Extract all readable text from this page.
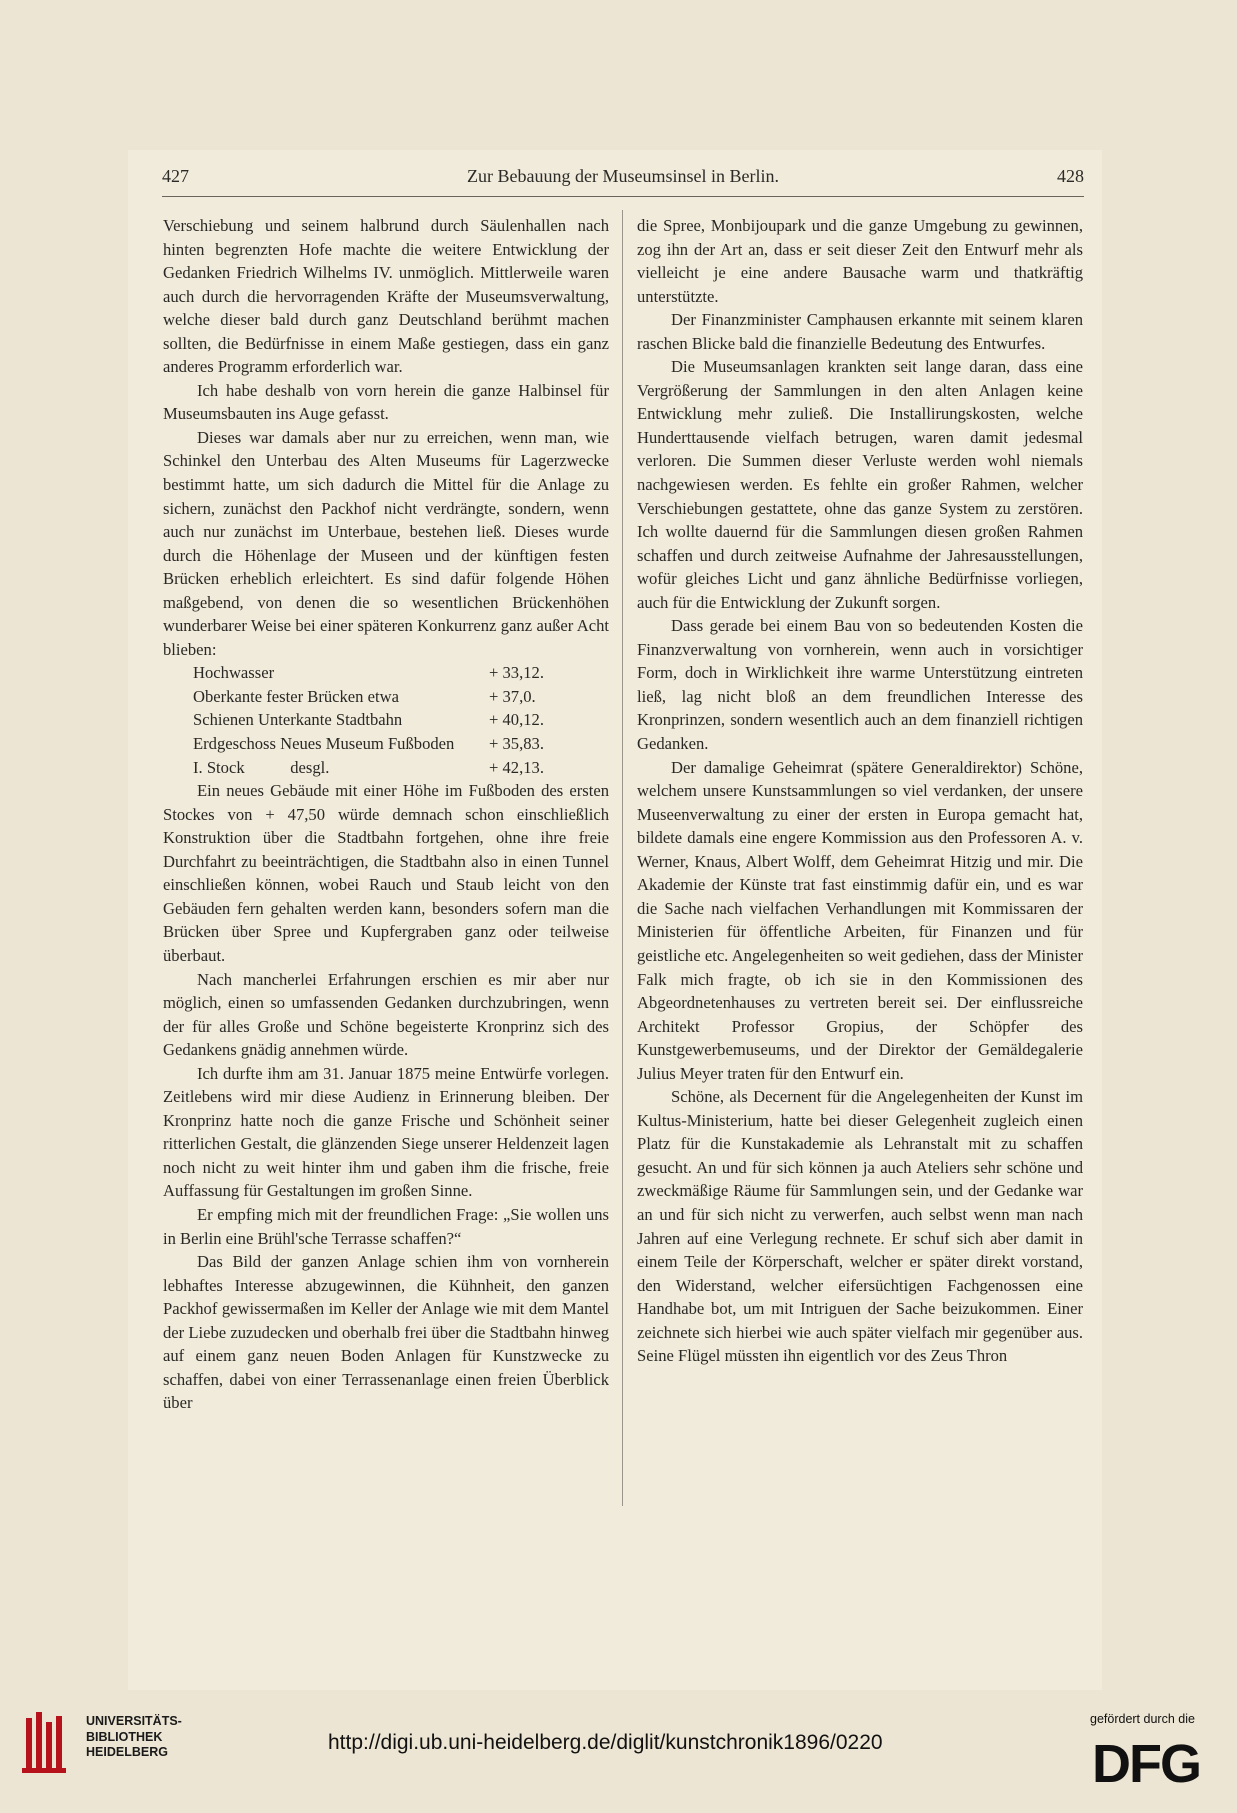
427	Zur Bebauung der Museumsinsel in Berlin.	428

Verschiebung und seinem halbrund durch Säulenhallen nach hinten begrenzten Hofe machte die weitere Entwicklung der Gedanken Friedrich Wilhelms IV. unmöglich. Mittlerweile waren auch durch die hervorragenden Kräfte der Museumsverwaltung, welche dieser bald durch ganz Deutschland berühmt machen sollten, die Bedürfnisse in einem Maße gestiegen, dass ein ganz anderes Programm erforderlich war.

Ich habe deshalb von vorn herein die ganze Halbinsel für Museumsbauten ins Auge gefasst.

Dieses war damals aber nur zu erreichen, wenn man, wie Schinkel den Unterbau des Alten Museums für Lagerzwecke bestimmt hatte, um sich dadurch die Mittel für die Anlage zu sichern, zunächst den Packhof nicht verdrängte, sondern, wenn auch nur zunächst im Unterbaue, bestehen ließ. Dieses wurde durch die Höhenlage der Museen und der künftigen festen Brücken erheblich erleichtert. Es sind dafür folgende Höhen maßgebend, von denen die so wesentlichen Brückenhöhen wunderbarer Weise bei einer späteren Konkurrenz ganz außer Acht blieben:

Hochwasser	+ 33,12.
Oberkante fester Brücken etwa	+ 37,0.
Schienen Unterkante Stadtbahn	+ 40,12.
Erdgeschoss Neues Museum Fußboden	+ 35,83.
I. Stock           desgl.	+ 42,13.

Ein neues Gebäude mit einer Höhe im Fußboden des ersten Stockes von + 47,50 würde demnach schon einschließlich Konstruktion über die Stadtbahn fortgehen, ohne ihre freie Durchfahrt zu beeinträchtigen, die Stadtbahn also in einen Tunnel einschließen können, wobei Rauch und Staub leicht von den Gebäuden fern gehalten werden kann, besonders sofern man die Brücken über Spree und Kupfergraben ganz oder teilweise überbaut.

Nach mancherlei Erfahrungen erschien es mir aber nur möglich, einen so umfassenden Gedanken durchzubringen, wenn der für alles Große und Schöne begeisterte Kronprinz sich des Gedankens gnädig annehmen würde.

Ich durfte ihm am 31. Januar 1875 meine Entwürfe vorlegen. Zeitlebens wird mir diese Audienz in Erinnerung bleiben. Der Kronprinz hatte noch die ganze Frische und Schönheit seiner ritterlichen Gestalt, die glänzenden Siege unserer Heldenzeit lagen noch nicht zu weit hinter ihm und gaben ihm die frische, freie Auffassung für Gestaltungen im großen Sinne.

Er empfing mich mit der freundlichen Frage: „Sie wollen uns in Berlin eine Brühl'sche Terrasse schaffen?“

Das Bild der ganzen Anlage schien ihm von vornherein lebhaftes Interesse abzugewinnen, die Kühnheit, den ganzen Packhof gewissermaßen im Keller der Anlage wie mit dem Mantel der Liebe zuzudecken und oberhalb frei über die Stadtbahn hinweg auf einem ganz neuen Boden Anlagen für Kunstzwecke zu schaffen, dabei von einer Terrassenanlage einen freien Überblick über

die Spree, Monbijoupark und die ganze Umgebung zu gewinnen, zog ihn der Art an, dass er seit dieser Zeit den Entwurf mehr als vielleicht je eine andere Bausache warm und thatkräftig unterstützte.

Der Finanzminister Camphausen erkannte mit seinem klaren raschen Blicke bald die finanzielle Bedeutung des Entwurfes.

Die Museumsanlagen krankten seit lange daran, dass eine Vergrößerung der Sammlungen in den alten Anlagen keine Entwicklung mehr zuließ. Die Installirungskosten, welche Hunderttausende vielfach betrugen, waren damit jedesmal verloren. Die Summen dieser Verluste werden wohl niemals nachgewiesen werden. Es fehlte ein großer Rahmen, welcher Verschiebungen gestattete, ohne das ganze System zu zerstören. Ich wollte dauernd für die Sammlungen diesen großen Rahmen schaffen und durch zeitweise Aufnahme der Jahresausstellungen, wofür gleiches Licht und ganz ähnliche Bedürfnisse vorliegen, auch für die Entwicklung der Zukunft sorgen.

Dass gerade bei einem Bau von so bedeutenden Kosten die Finanzverwaltung von vornherein, wenn auch in vorsichtiger Form, doch in Wirklichkeit ihre warme Unterstützung eintreten ließ, lag nicht bloß an dem freundlichen Interesse des Kronprinzen, sondern wesentlich auch an dem finanziell richtigen Gedanken.

Der damalige Geheimrat (spätere Generaldirektor) Schöne, welchem unsere Kunstsammlungen so viel verdanken, der unsere Museenverwaltung zu einer der ersten in Europa gemacht hat, bildete damals eine engere Kommission aus den Professoren A. v. Werner, Knaus, Albert Wolff, dem Geheimrat Hitzig und mir. Die Akademie der Künste trat fast einstimmig dafür ein, und es war die Sache nach vielfachen Verhandlungen mit Kommissaren der Ministerien für öffentliche Arbeiten, für Finanzen und für geistliche etc. Angelegenheiten so weit gediehen, dass der Minister Falk mich fragte, ob ich sie in den Kommissionen des Abgeordnetenhauses zu vertreten bereit sei. Der einflussreiche Architekt Professor Gropius, der Schöpfer des Kunstgewerbemuseums, und der Direktor der Gemäldegalerie Julius Meyer traten für den Entwurf ein.

Schöne, als Decernent für die Angelegenheiten der Kunst im Kultus-Ministerium, hatte bei dieser Gelegenheit zugleich einen Platz für die Kunstakademie als Lehranstalt mit zu schaffen gesucht. An und für sich können ja auch Ateliers sehr schöne und zweckmäßige Räume für Sammlungen sein, und der Gedanke war an und für sich nicht zu verwerfen, auch selbst wenn man nach Jahren auf eine Verlegung rechnete. Er schuf sich aber damit in einem Teile der Körperschaft, welcher er später direkt vorstand, den Widerstand, welcher eifersüchtigen Fachgenossen eine Handhabe bot, um mit Intriguen der Sache beizukommen. Einer zeichnete sich hierbei wie auch später vielfach mir gegenüber aus. Seine Flügel müssten ihn eigentlich vor des Zeus Thron

UNIVERSITÄTS-
BIBLIOTHEK
HEIDELBERG	http://digi.ub.uni-heidelberg.de/diglit/kunstchronik1896/0220
gefördert durch die
DFG
